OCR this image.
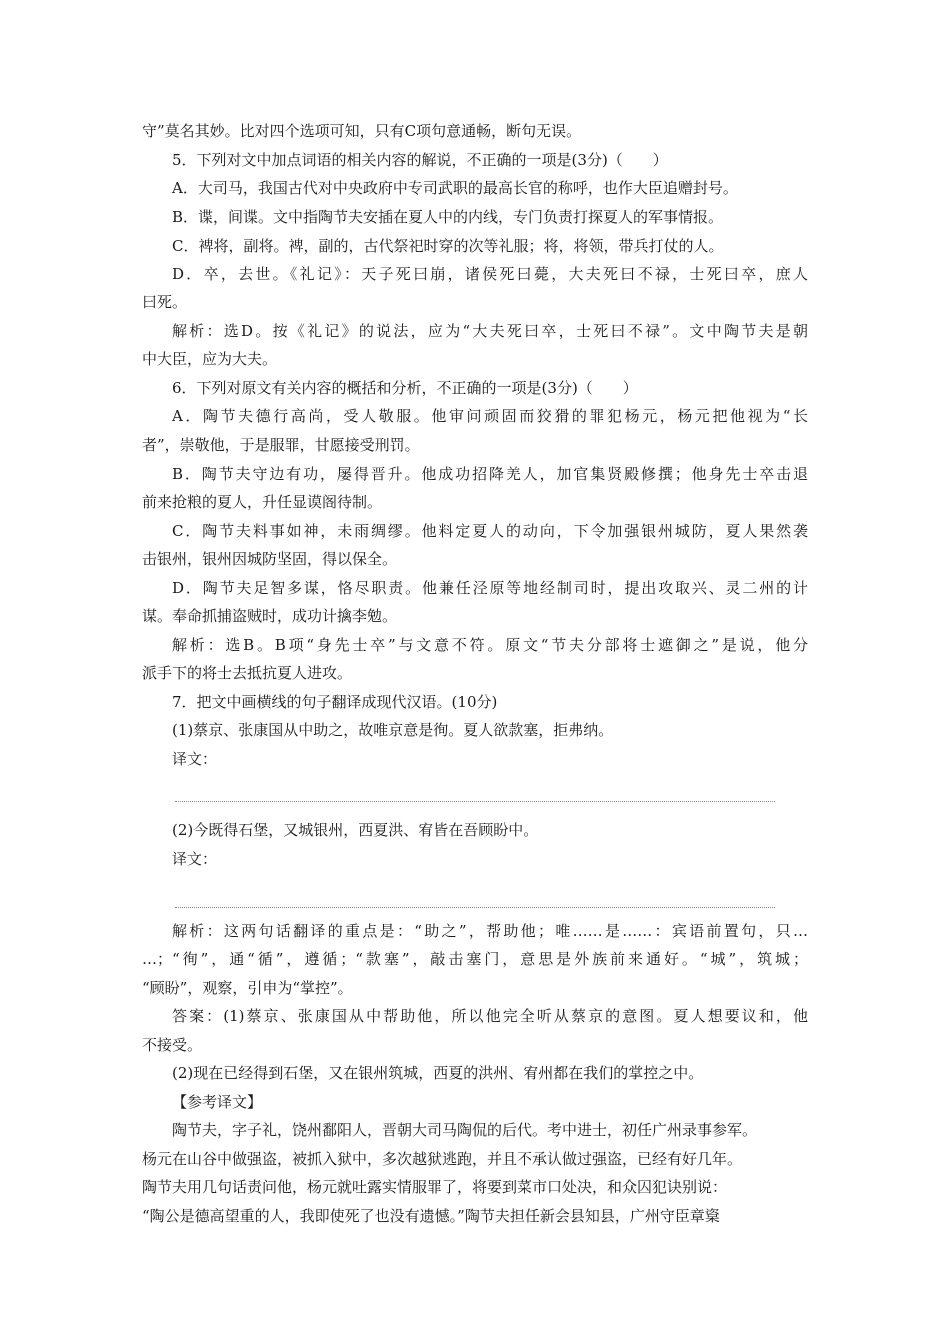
守”莫名其妙。比对四个选项可知，只有C项句意通畅，断句无误。
5．下列对文中加点词语的相关内容的解说，不正确的一项是(3分)（　　）
A．大司马，我国古代对中央政府中专司武职的最高长官的称呼，也作大臣追赠封号。
B．谍，间谍。文中指陶节夫安插在夏人中的内线，专门负责打探夏人的军事情报。
C．裨将，副将。裨，副的，古代祭祀时穿的次等礼服；将，将领，带兵打仗的人。
D．卒，去世。《礼记》：天子死曰崩，诸侯死曰薨，大夫死曰不禄，士死曰卒，庶人
曰死。
解析：选D。按《礼记》的说法，应为“大夫死曰卒，士死曰不禄”。文中陶节夫是朝
中大臣，应为大夫。
6．下列对原文有关内容的概括和分析，不正确的一项是(3分)（　　）
A．陶节夫德行高尚，受人敬服。他审问顽固而狡猾的罪犯杨元，杨元把他视为“长
者”，崇敬他，于是服罪，甘愿接受刑罚。
B．陶节夫守边有功，屡得晋升。他成功招降羌人，加官集贤殿修撰；他身先士卒击退
前来抢粮的夏人，升任显谟阁待制。
C．陶节夫料事如神，未雨绸缪。他料定夏人的动向，下令加强银州城防，夏人果然袭
击银州，银州因城防坚固，得以保全。
D．陶节夫足智多谋，恪尽职责。他兼任泾原等地经制司时，提出攻取兴、灵二州的计
谋。奉命抓捕盗贼时，成功计擒李勉。
解析：选B。B项“身先士卒”与文意不符。原文“节夫分部将士遮御之”是说，他分
派手下的将士去抵抗夏人进攻。
7．把文中画横线的句子翻译成现代汉语。(10分)
(1)蔡京、张康国从中助之，故唯京意是徇。夏人欲款塞，拒弗纳。
译文：
(2)今既得石堡，又城银州，西夏洪、宥皆在吾顾盼中。
译文：
解析：这两句话翻译的重点是：“助之”，帮助他；唯……是……：宾语前置句，只…
…；“徇”，通“循”，遵循；“款塞”，敲击塞门，意思是外族前来通好。“城”，筑城；
“顾盼”，观察，引申为“掌控”。
答案：(1)蔡京、张康国从中帮助他，所以他完全听从蔡京的意图。夏人想要议和，他
不接受。
(2)现在已经得到石堡，又在银州筑城，西夏的洪州、宥州都在我们的掌控之中。
【参考译文】
陶节夫，字子礼，饶州鄱阳人，晋朝大司马陶侃的后代。考中进士，初任广州录事参军。
杨元在山谷中做强盗，被抓入狱中，多次越狱逃跑，并且不承认做过强盗，已经有好几年。
陶节夫用几句话责问他，杨元就吐露实情服罪了，将要到菜市口处决，和众囚犯诀别说：
“陶公是德高望重的人，我即使死了也没有遗憾。”陶节夫担任新会县知县，广州守臣章楶
